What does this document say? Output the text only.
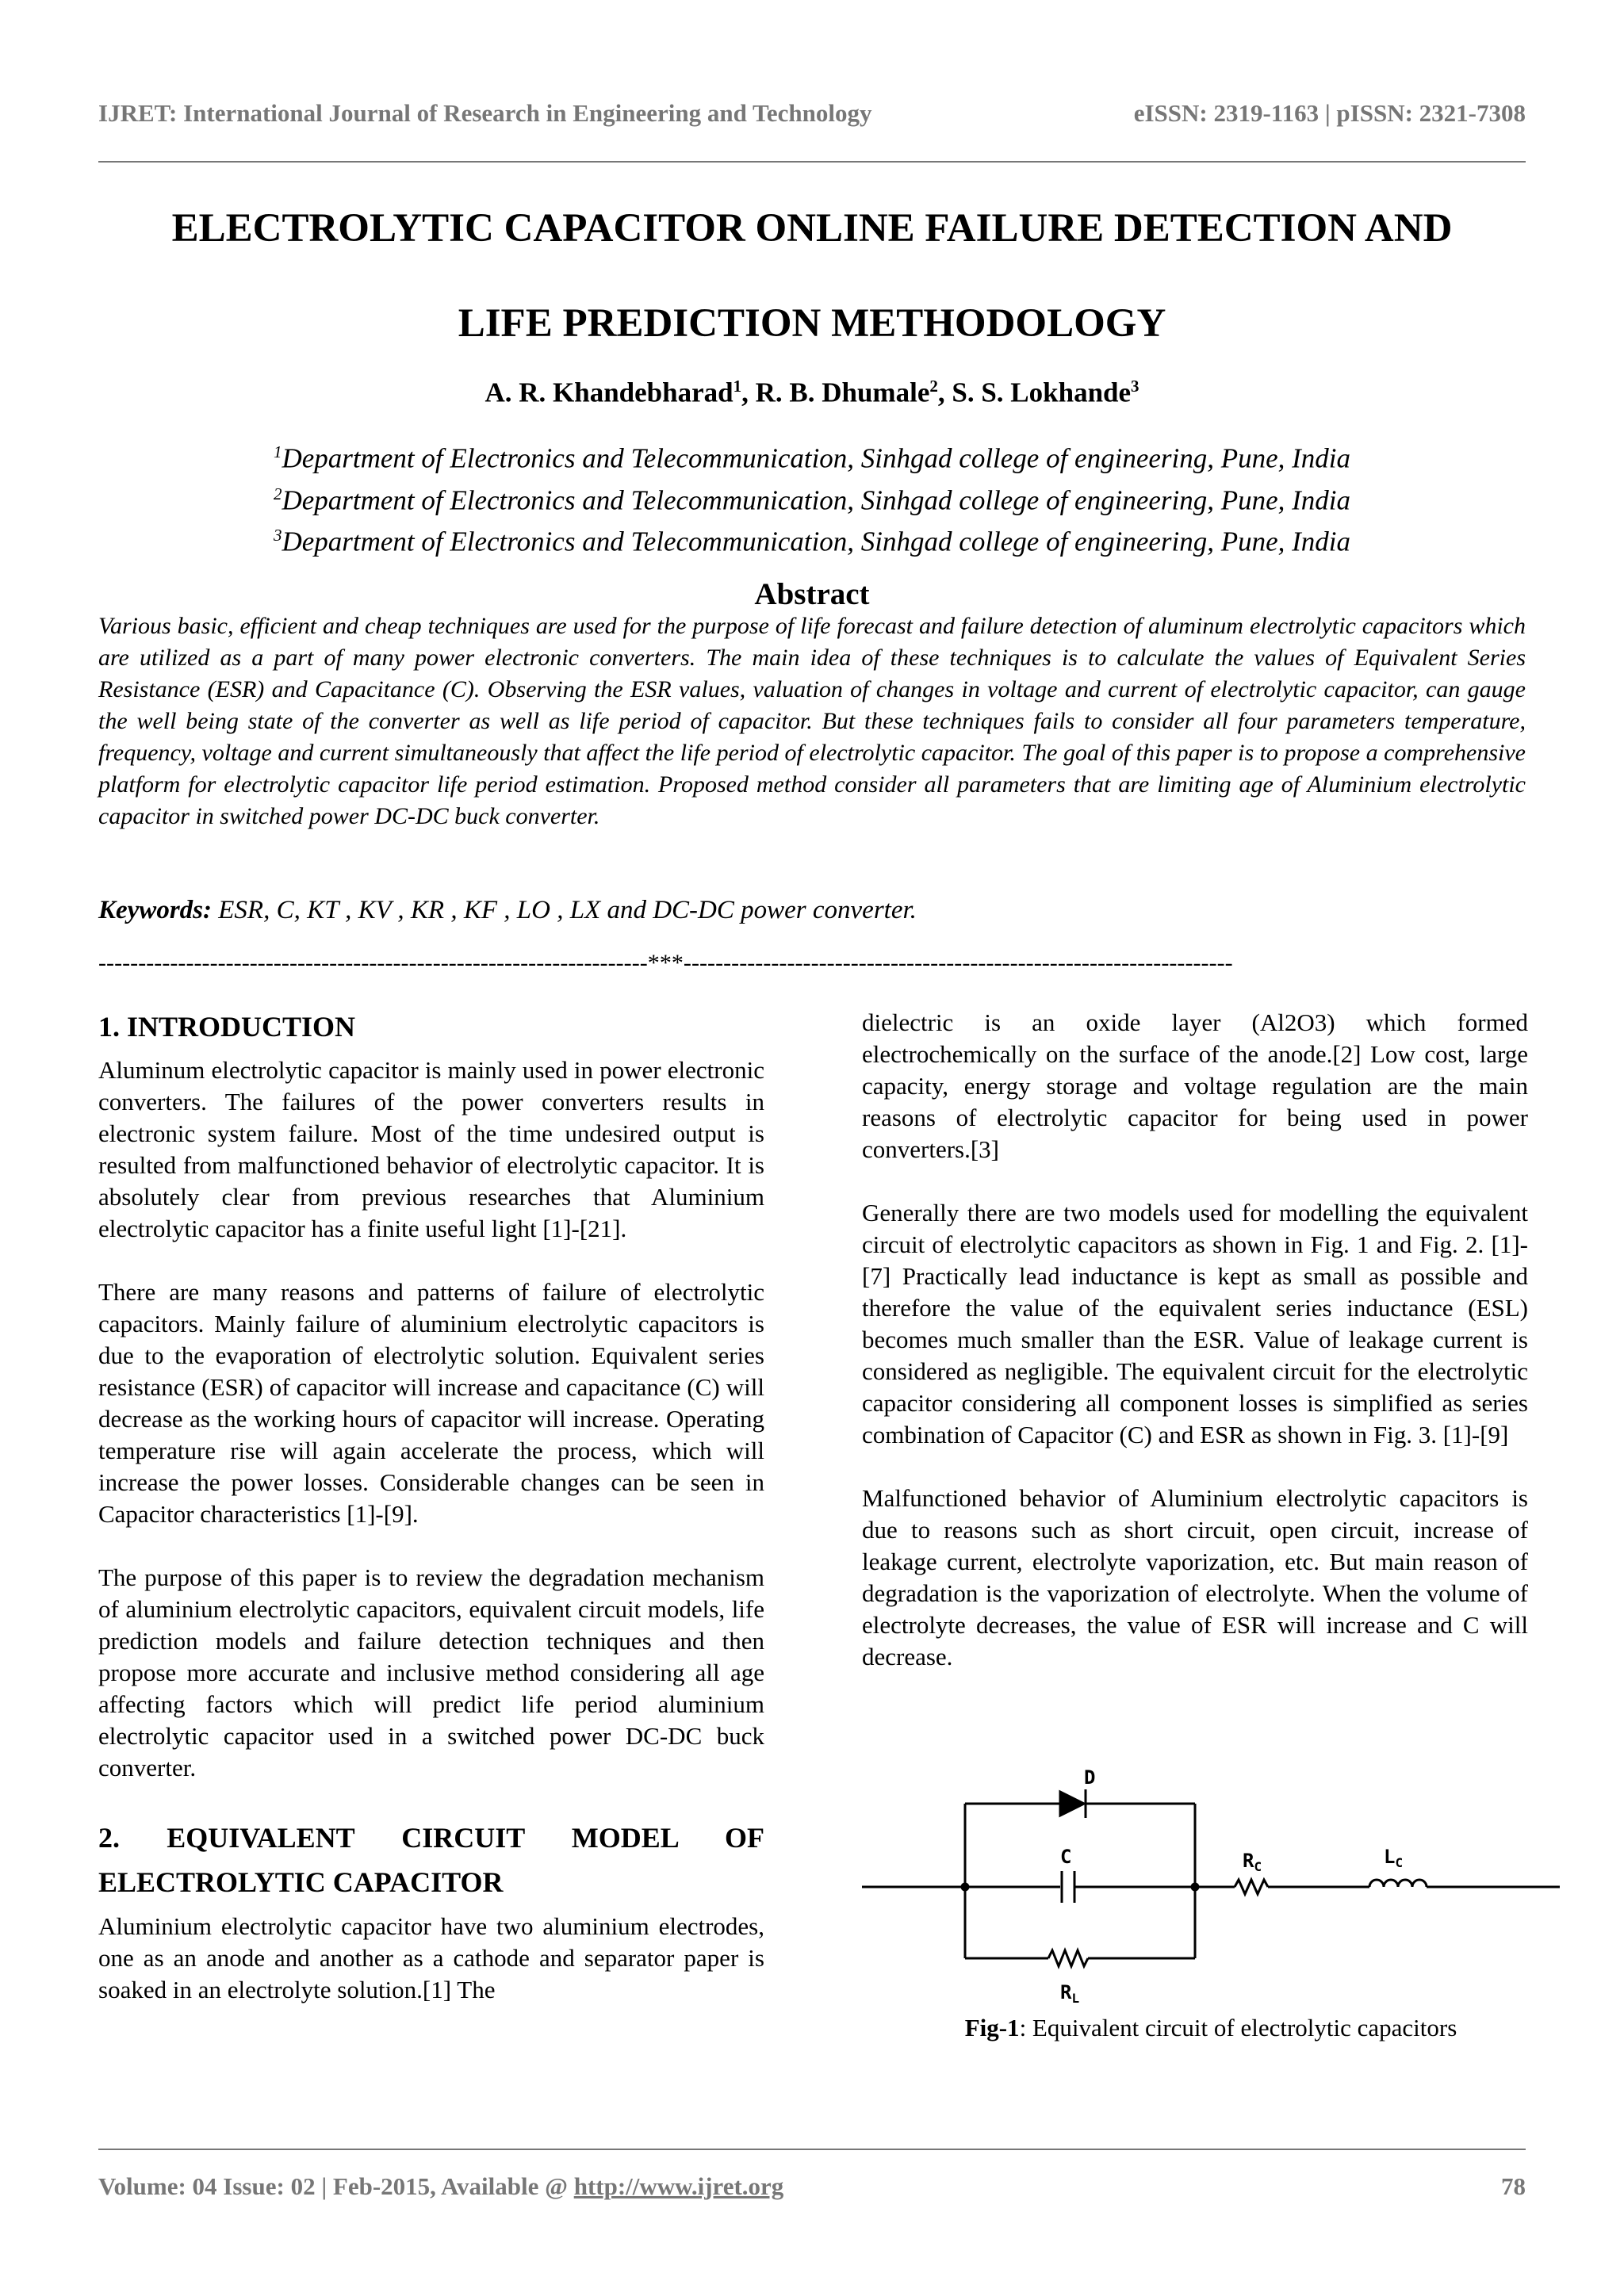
IJRET: International Journal of Research in Engineering and Technology	eISSN: 2319-1163 | pISSN: 2321-7308
ELECTROLYTIC CAPACITOR ONLINE FAILURE DETECTION AND
LIFE PREDICTION METHODOLOGY
A. R. Khandebharad$^1$, R. B. Dhumale$^2$, S. S. Lokhande$^3$
$^1$Department of Electronics and Telecommunication, Sinhgad college of engineering, Pune, India
$^2$Department of Electronics and Telecommunication, Sinhgad college of engineering, Pune, India
$^3$Department of Electronics and Telecommunication, Sinhgad college of engineering, Pune, India
Abstract

Various basic, efficient and cheap techniques are used for the purpose of life forecast and failure detection of aluminum electrolytic capacitors which are utilized as a part of many power electronic converters. The main idea of these techniques is to calculate the values of Equivalent Series Resistance (ESR) and Capacitance (C). Observing the ESR values, valuation of changes in voltage and current of electrolytic capacitor, can gauge the well being state of the converter as well as life period of capacitor. But these techniques fails to consider all four parameters temperature, frequency, voltage and current simultaneously that affect the life period of electrolytic capacitor. The goal of this paper is to propose a comprehensive platform for electrolytic capacitor life period estimation. Proposed method consider all parameters that are limiting age of Aluminium electrolytic capacitor in switched power DC-DC buck converter.

Keywords: ESR, C, KT , KV , KR , KF , LO , LX and DC-DC power converter.
---------------------------------------------------------------------***---------------------------------------------------------------------
1. INTRODUCTION

Aluminum electrolytic capacitor is mainly used in power electronic converters. The failures of the power converters results in electronic system failure. Most of the time undesired output is resulted from malfunctioned behavior of electrolytic capacitor. It is absolutely clear from previous researches that Aluminium electrolytic capacitor has a finite useful light [1]-[21].

There are many reasons and patterns of failure of electrolytic capacitors. Mainly failure of aluminium electrolytic capacitors is due to the evaporation of electrolytic solution. Equivalent series resistance (ESR) of capacitor will increase and capacitance (C) will decrease as the working hours of capacitor will increase. Operating temperature rise will again accelerate the process, which will increase the power losses. Considerable changes can be seen in Capacitor characteristics [1]-[9].

The purpose of this paper is to review the degradation mechanism of aluminium electrolytic capacitors, equivalent circuit models, life prediction models and failure detection techniques and then propose more accurate and inclusive method considering all age affecting factors which will predict life period aluminium electrolytic capacitor used in a switched power DC-DC buck converter.

2. EQUIVALENT CIRCUIT MODEL OF
ELECTROLYTIC CAPACITOR

Aluminium electrolytic capacitor have two aluminium electrodes, one as an anode and another as a cathode and separator paper is soaked in an electrolyte solution.[1] The

dielectric is an oxide layer (Al2O3) which formed electrochemically on the surface of the anode.[2] Low cost, large capacity, energy storage and voltage regulation are the main reasons of electrolytic capacitor for being used in power converters.[3]

Generally there are two models used for modelling the equivalent circuit of electrolytic capacitors as shown in Fig. 1 and Fig. 2. [1]-[7] Practically lead inductance is kept as small as possible and therefore the value of the equivalent series inductance (ESL) becomes much smaller than the ESR. Value of leakage current is considered as negligible. The equivalent circuit for the electrolytic capacitor considering all component losses is simplified as series combination of Capacitor (C) and ESR as shown in Fig. 3. [1]-[9]

Malfunctioned behavior of Aluminium electrolytic capacitors is due to reasons such as short circuit, open circuit, increase of leakage current, electrolyte vaporization, etc. But main reason of degradation is the vaporization of electrolyte. When the volume of electrolyte decreases, the value of ESR will increase and C will decrease.

D
C	$R_C$	$L_C$
$R_L$
Fig-1: Equivalent circuit of electrolytic capacitors
Volume: 04 Issue: 02 | Feb-2015, Available @ http://www.ijret.org	78
